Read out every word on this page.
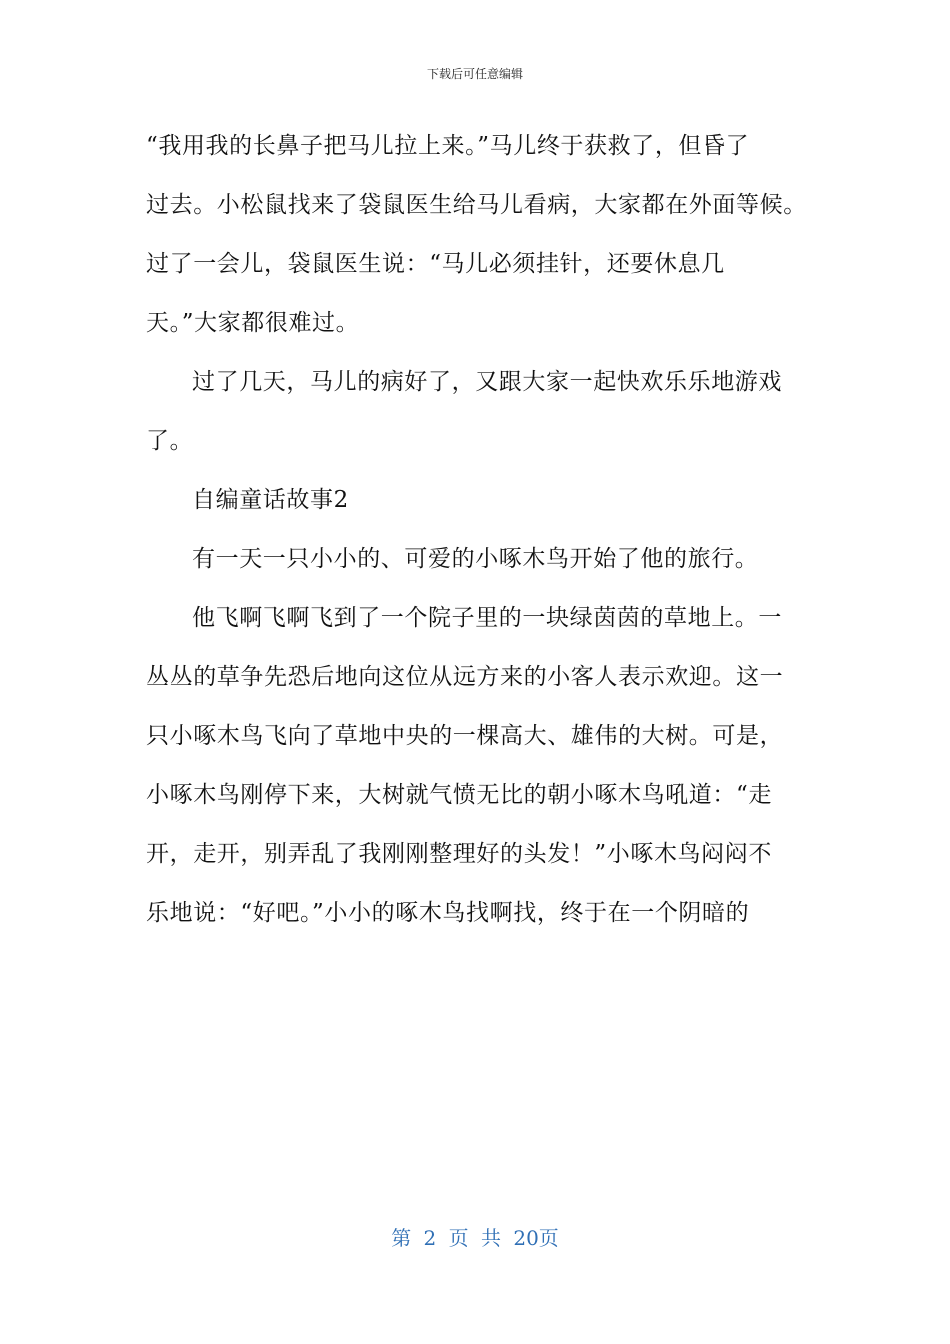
下载后可任意编辑
“我用我的长鼻子把马儿拉上来。”马儿终于获救了，但昏了
过去。小松鼠找来了袋鼠医生给马儿看病，大家都在外面等候。
过了一会儿，袋鼠医生说：“马儿必须挂针，还要休息几
天。”大家都很难过。
过了几天，马儿的病好了，又跟大家一起快欢乐乐地游戏
了。
自编童话故事2
有一天一只小小的、可爱的小啄木鸟开始了他的旅行。
他飞啊飞啊飞到了一个院子里的一块绿茵茵的草地上。一
丛丛的草争先恐后地向这位从远方来的小客人表示欢迎。这一
只小啄木鸟飞向了草地中央的一棵高大、雄伟的大树。可是，
小啄木鸟刚停下来，大树就气愤无比的朝小啄木鸟吼道：“走
开，走开，别弄乱了我刚刚整理好的头发！”小啄木鸟闷闷不
乐地说：“好吧。”小小的啄木鸟找啊找，终于在一个阴暗的
第 2 页 共 20页
